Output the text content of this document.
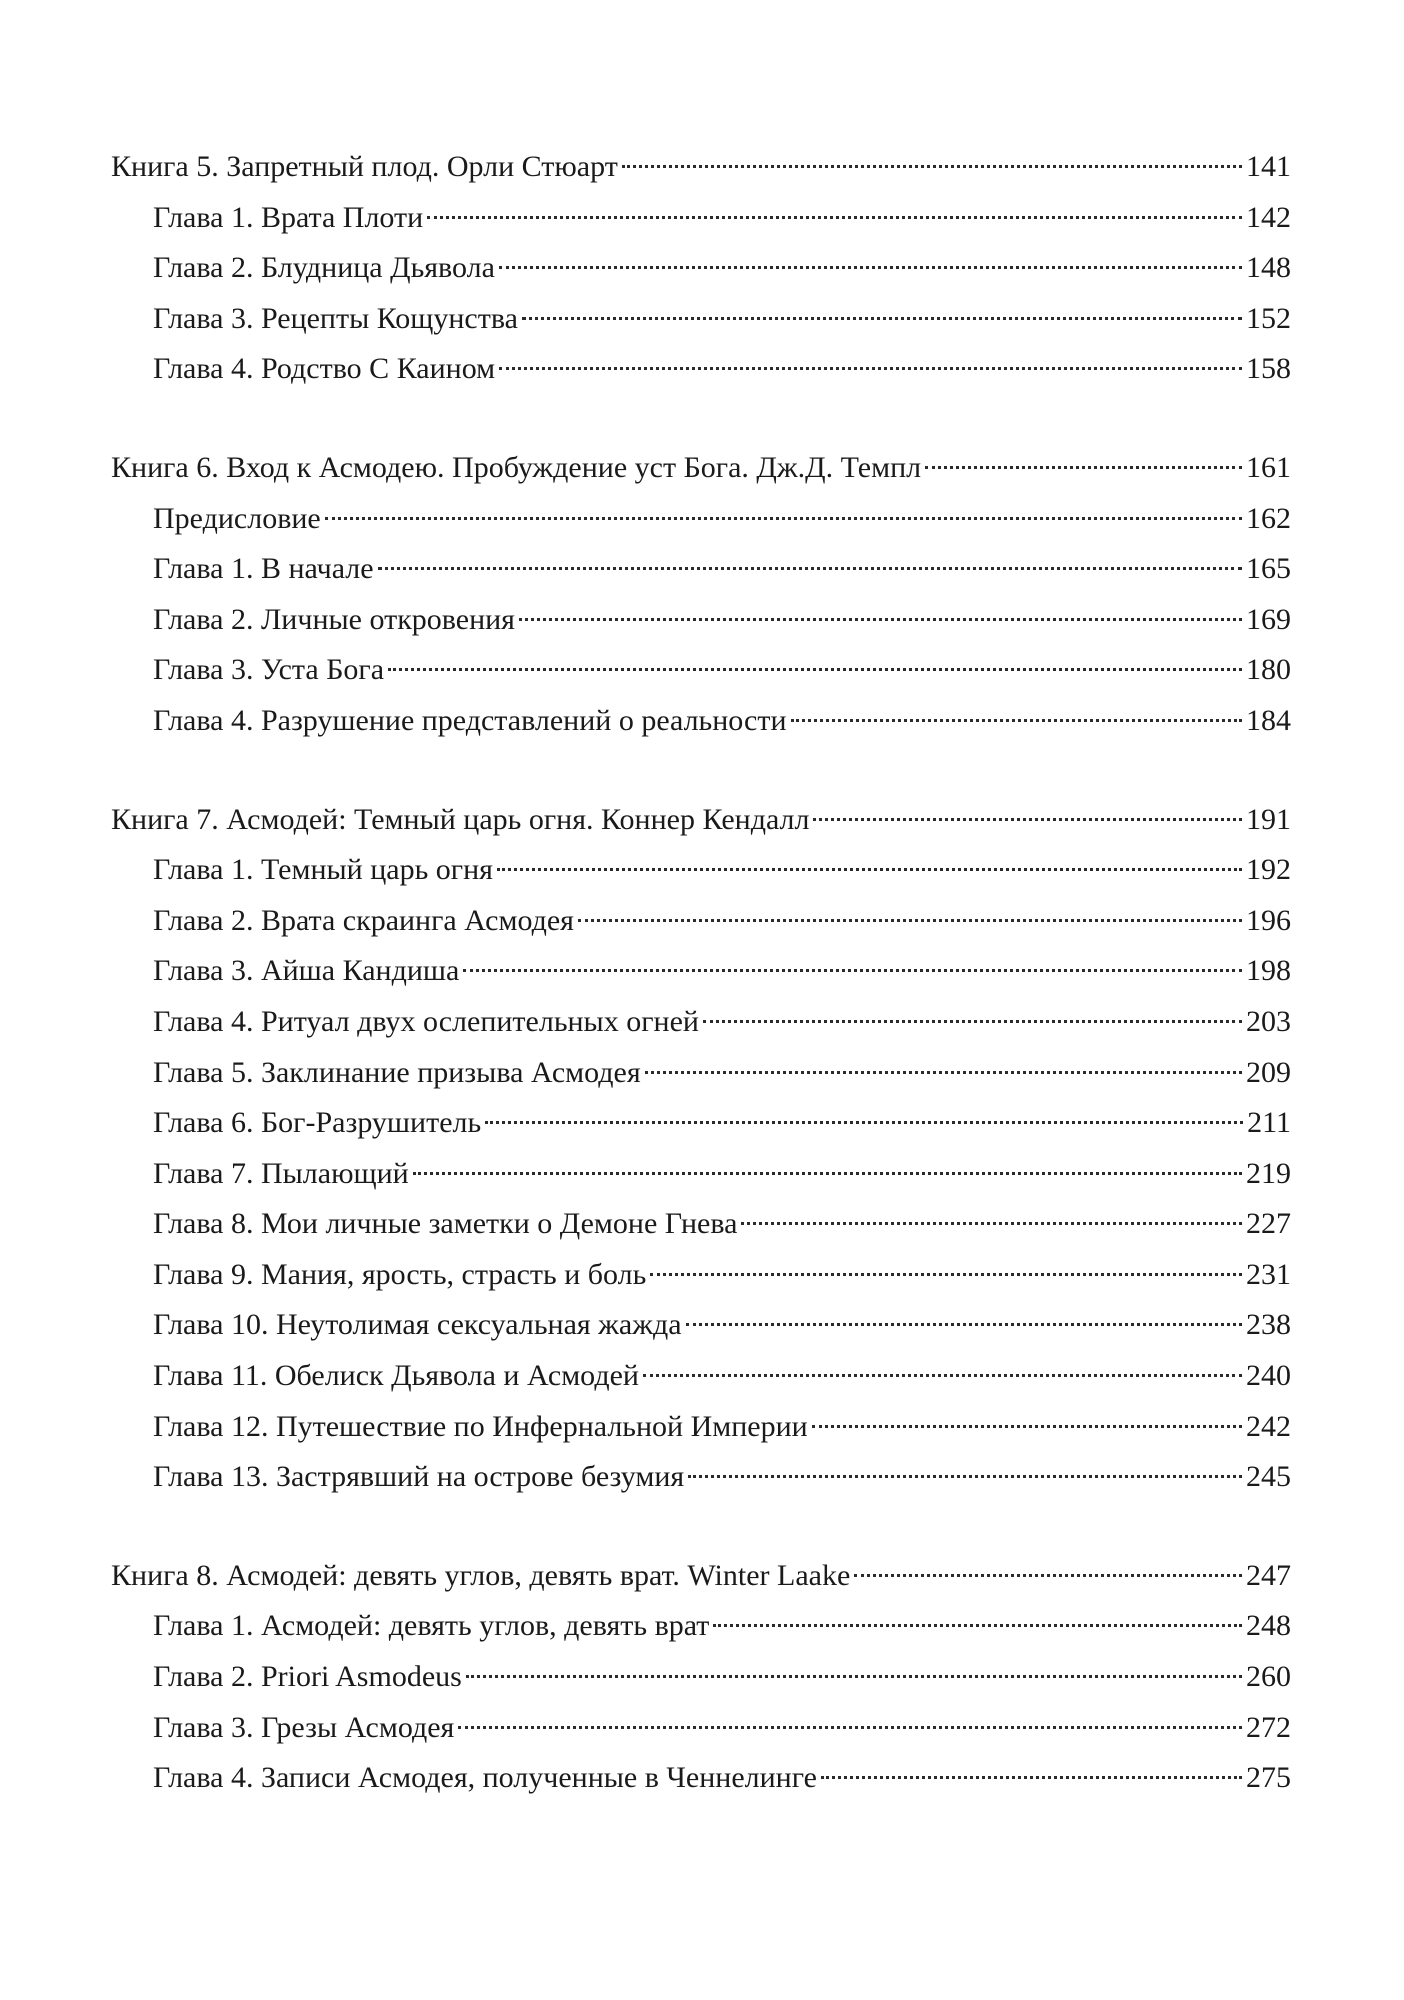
Книга 5. Запретный плод. Орли Стюарт	141
Глава 1. Врата Плоти	142
Глава 2. Блудница Дьявола	148
Глава 3. Рецепты Кощунства	152
Глава 4. Родство С Каином	158
Книга 6. Вход к Асмодею. Пробуждение уст Бога. Дж.Д. Темпл	161
Предисловие	162
Глава 1. В начале	165
Глава 2. Личные откровения	169
Глава 3. Уста Бога	180
Глава 4. Разрушение представлений о реальности	184
Книга 7. Асмодей: Темный царь огня. Коннер Кендалл	191
Глава 1. Темный царь огня	192
Глава 2. Врата скраинга Асмодея	196
Глава 3. Айша Кандиша	198
Глава 4. Ритуал двух ослепительных огней	203
Глава 5. Заклинание призыва Асмодея	209
Глава 6. Бог-Разрушитель	211
Глава 7. Пылающий	219
Глава 8. Мои личные заметки о Демоне Гнева	227
Глава 9. Мания, ярость, страсть и боль	231
Глава 10. Неутолимая сексуальная жажда	238
Глава 11. Обелиск Дьявола и Асмодей	240
Глава 12. Путешествие по Инфернальной Империи	242
Глава 13. Застрявший на острове безумия	245
Книга 8. Асмодей: девять углов, девять врат. Winter Laake	247
Глава 1. Асмодей: девять углов, девять врат	248
Глава 2. Priori Asmodeus	260
Глава 3. Грезы Асмодея	272
Глава 4. Записи Асмодея, полученные в Ченнелинге	275
